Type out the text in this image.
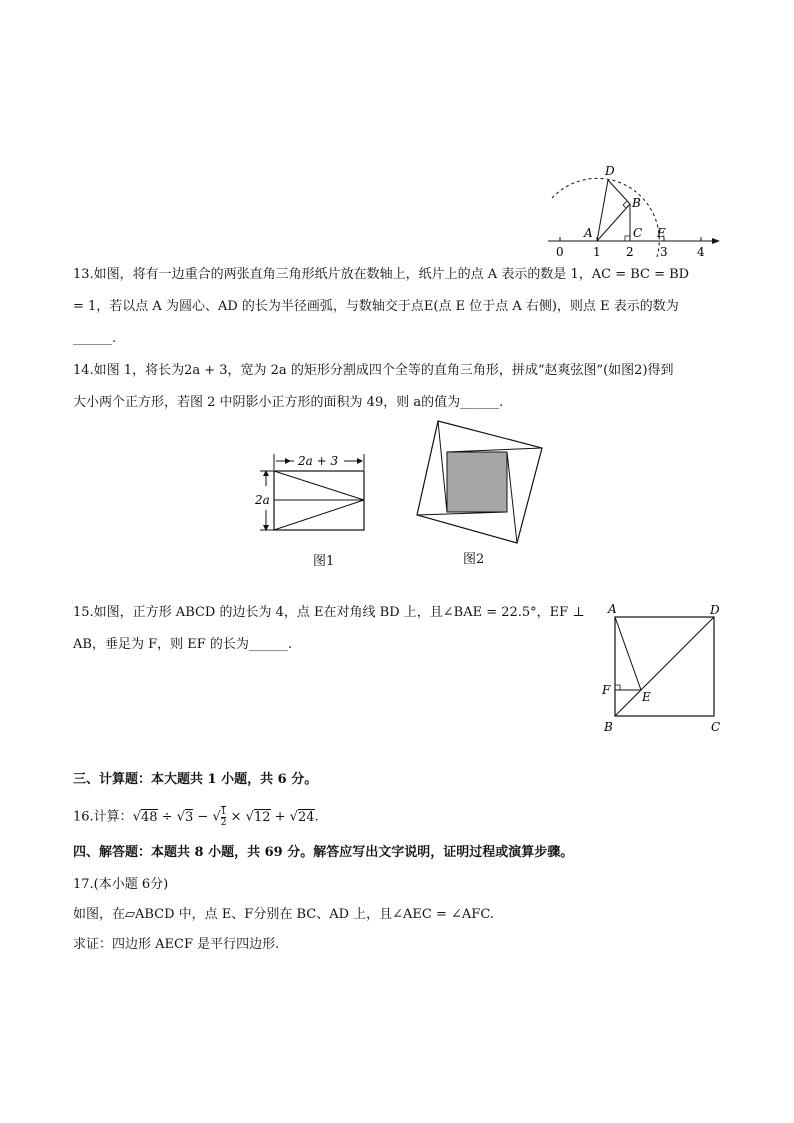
D
B
A	C E
0 1 2 3 4
13.如图，将有一边重合的两张直角三角形纸片放在数轴上，纸片上的点 A 表示的数是 1，AC = BC = BD
= 1，若以点 A 为圆心、AD 的长为半径画弧，与数轴交于点E(点 E 位于点 A 右侧)，则点 E 表示的数为
______.
14.如图 1，将长为2a + 3，宽为 2a 的矩形分割成四个全等的直角三角形，拼成“赵爽弦图”(如图2)得到
大小两个正方形，若图 2 中阴影小正方形的面积为 49，则 a的值为______.
2a + 3
2a
图1	图2
15.如图，正方形 ABCD 的边长为 4，点 E在对角线 BD 上，且∠BAE = 22.5°，EF ⊥
AB，垂足为 F，则 EF 的长为______.
A	D
F	E
B	C
三、计算题：本大题共 1 小题，共 6 分。
16.计算：√48 ÷ √3 − √ $\frac{1}{2} \times √12 + √24$.
四、解答题：本题共 8 小题，共 69 分。解答应写出文字说明，证明过程或演算步骤。
17.(本小题 6分)
如图，在▱ABCD 中，点 E、F分别在 BC、AD 上，且∠AEC = ∠AFC.
求证：四边形 AECF 是平行四边形.
